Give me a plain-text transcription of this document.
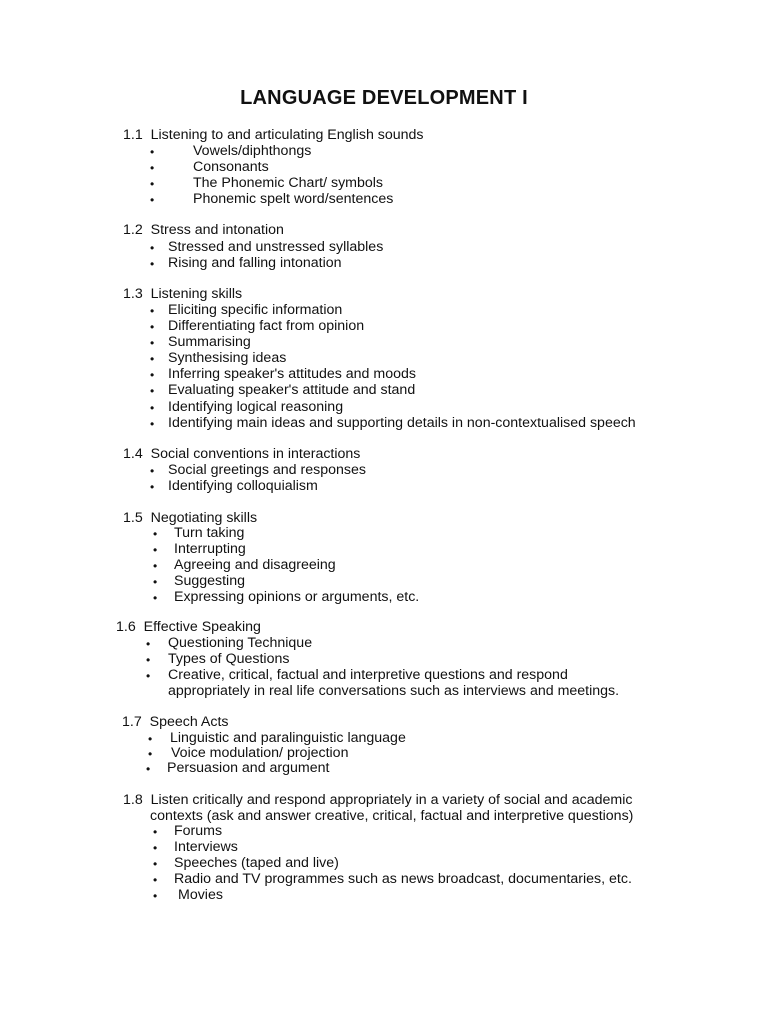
LANGUAGE DEVELOPMENT I
1.1 Listening to and articulating English sounds
•	Vowels/diphthongs
•	Consonants
•	The Phonemic Chart/ symbols
•	Phonemic spelt word/sentences
1.2 Stress and intonation
• Stressed and unstressed syllables
• Rising and falling intonation
1.3 Listening skills
• Eliciting specific information
• Differentiating fact from opinion
• Summarising
• Synthesising ideas
• Inferring speaker's attitudes and moods
• Evaluating speaker's attitude and stand
• Identifying logical reasoning
• Identifying main ideas and supporting details in non-contextualised speech
1.4 Social conventions in interactions
• Social greetings and responses
• Identifying colloquialism
1.5 Negotiating skills
• Turn taking
• Interrupting
• Agreeing and disagreeing
• Suggesting
• Expressing opinions or arguments, etc.
1.6 Effective Speaking
• Questioning Technique
• Types of Questions
• Creative, critical, factual and interpretive questions and respond
appropriately in real life conversations such as interviews and meetings.
1.7 Speech Acts
• Linguistic and paralinguistic language
• Voice modulation/ projection
• Persuasion and argument
1.8 Listen critically and respond appropriately in a variety of social and academic
contexts (ask and answer creative, critical, factual and interpretive questions)
• Forums
• Interviews
• Speeches (taped and live)
• Radio and TV programmes such as news broadcast, documentaries, etc.
• Movies
